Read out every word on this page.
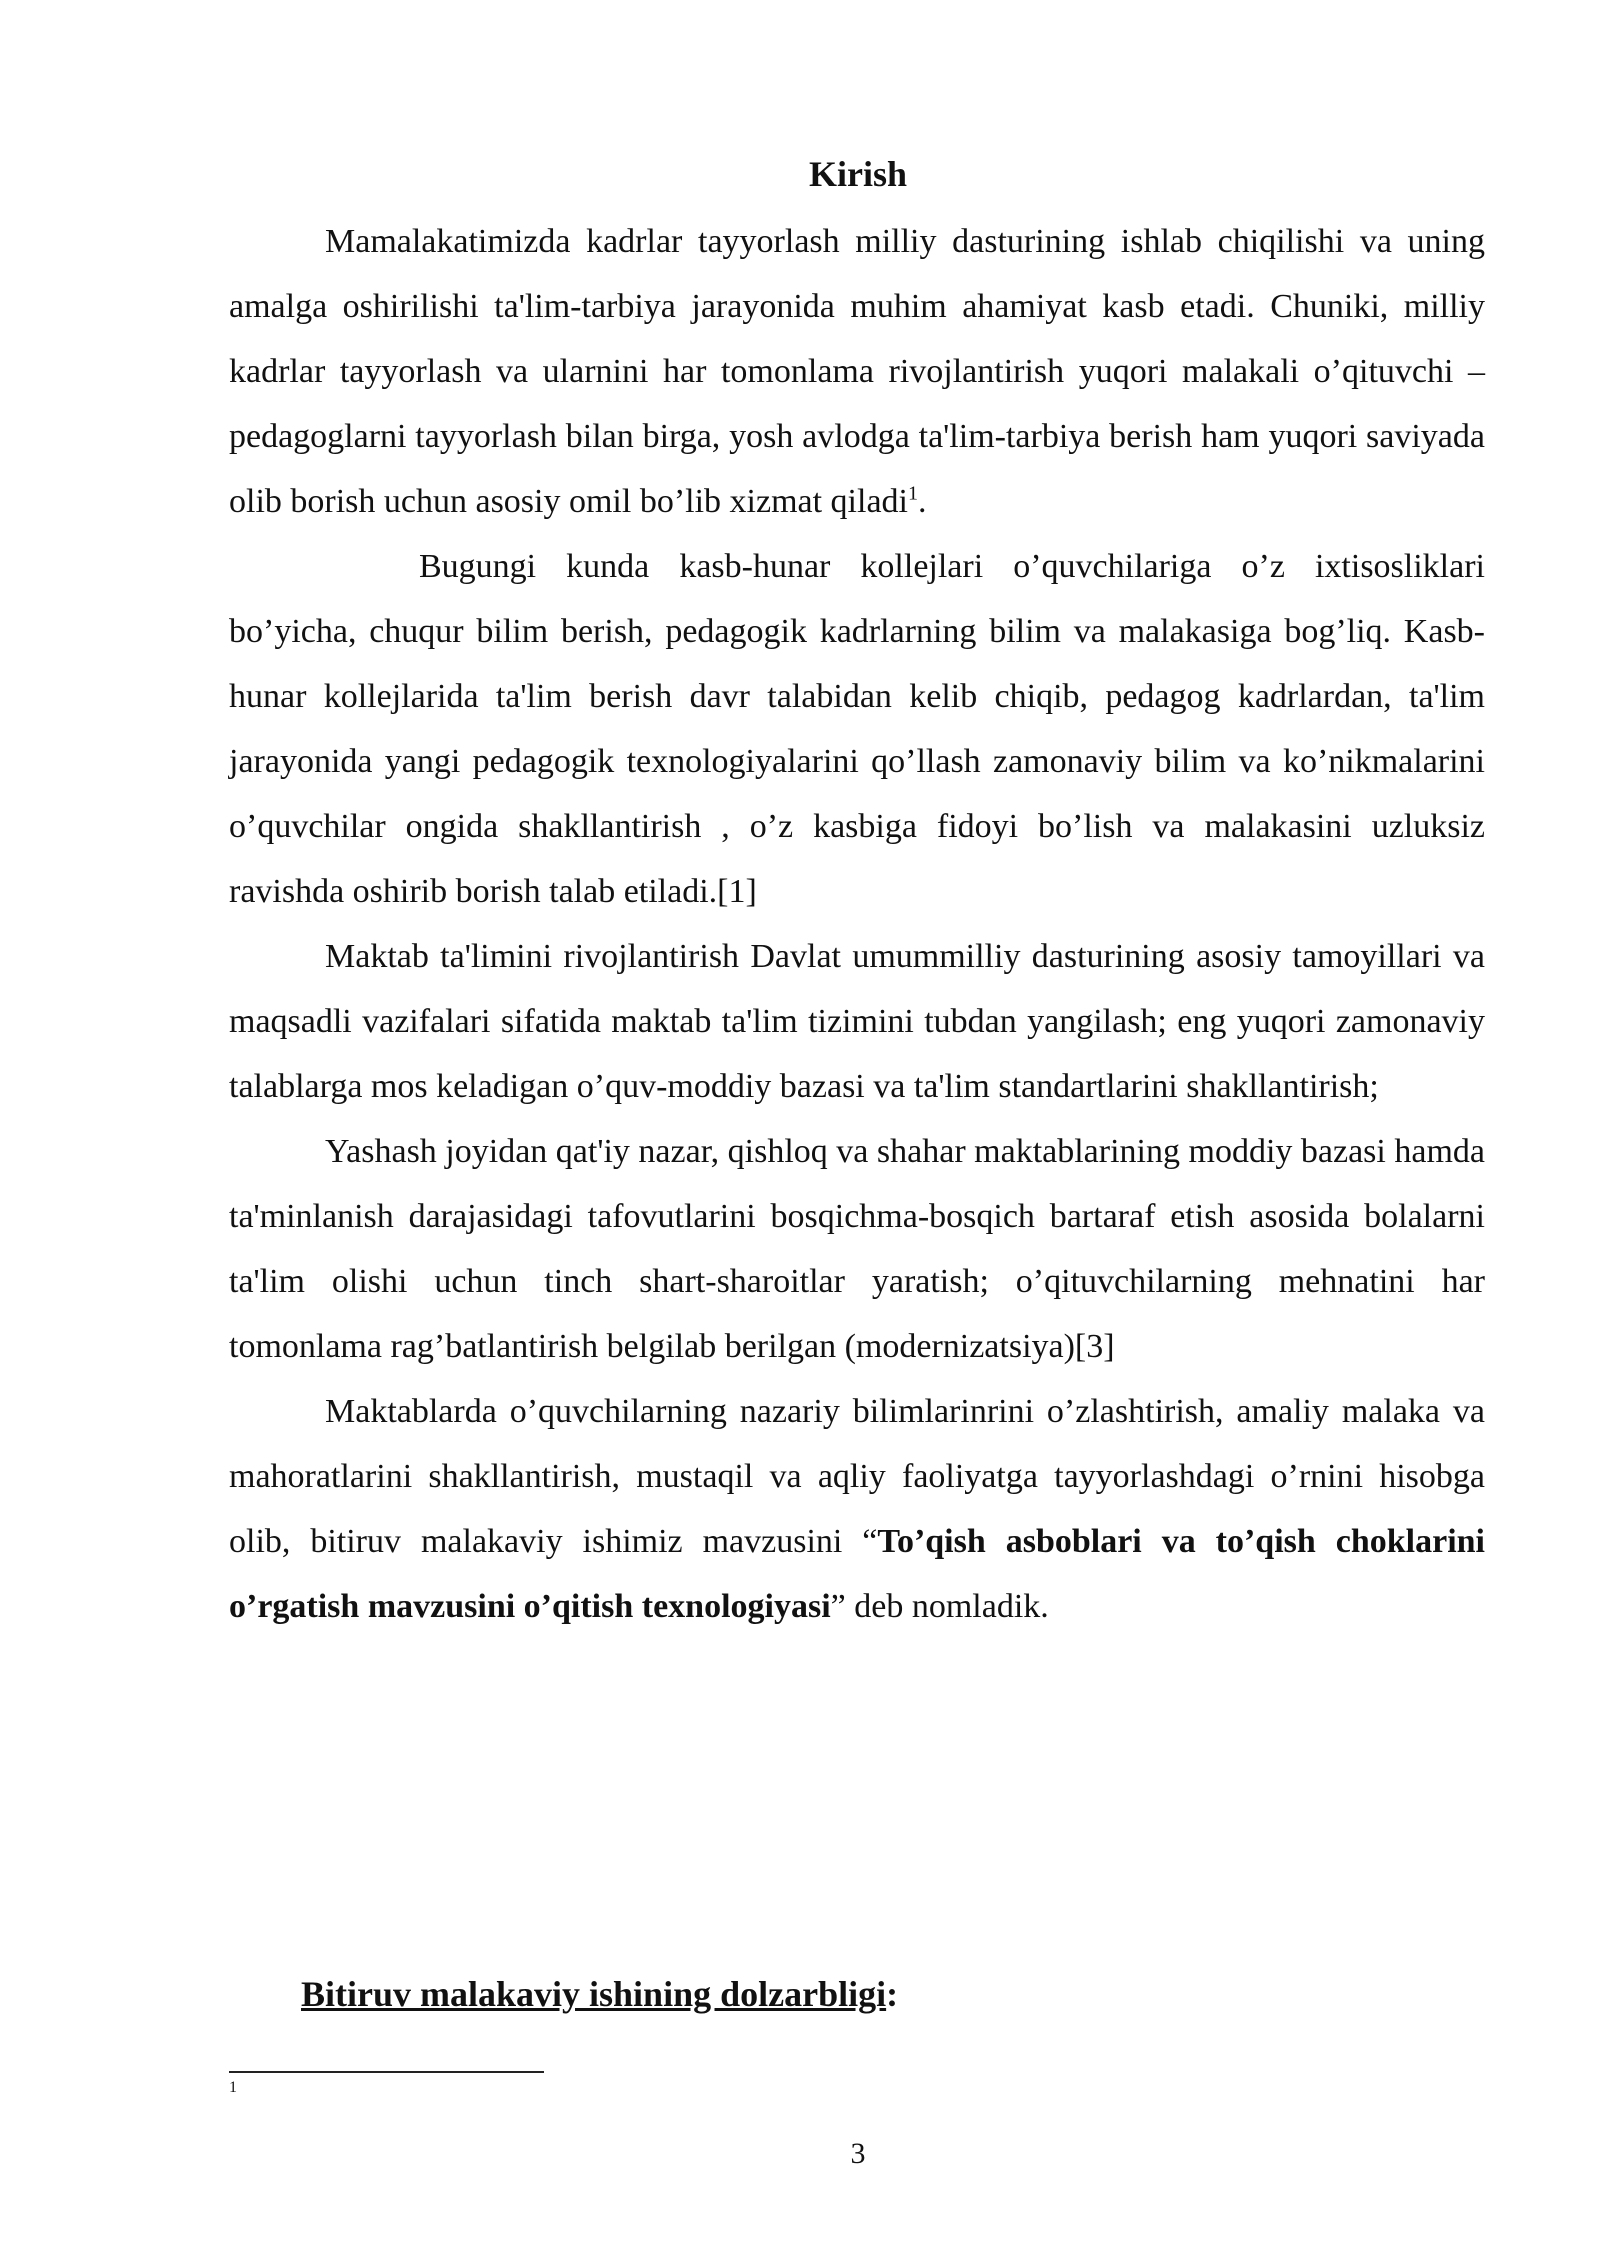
Kirish

Mamalakatimizda kadrlar tayyorlash milliy dasturining ishlab chiqilishi va uning amalga oshirilishi ta'lim-tarbiya jarayonida muhim ahamiyat kasb etadi. Chuniki, milliy kadrlar tayyorlash va ularnini har tomonlama rivojlantirish yuqori malakali o’qituvchi –pedagoglarni tayyorlash bilan birga, yosh avlodga ta'lim-tarbiya berish ham yuqori saviyada olib borish uchun asosiy omil bo’lib xizmat qiladi$^1$.

Bugungi kunda kasb-hunar kollejlari o’quvchilariga o’z ixtisosliklari bo’yicha, chuqur bilim berish, pedagogik kadrlarning bilim va malakasiga bog’liq. Kasb-hunar kollejlarida ta'lim berish davr talabidan kelib chiqib, pedagog kadrlardan, ta'lim jarayonida yangi pedagogik texnologiyalarini qo’llash zamonaviy bilim va ko’nikmalarini o’quvchilar ongida shakllantirish , o’z kasbiga fidoyi bo’lish va malakasini uzluksiz ravishda oshirib borish talab etiladi.[1]

Maktab ta'limini rivojlantirish Davlat umummilliy dasturining asosiy tamoyillari va maqsadli vazifalari sifatida maktab ta'lim tizimini tubdan yangilash; eng yuqori zamonaviy talablarga mos keladigan o’quv-moddiy bazasi va ta'lim standartlarini shakllantirish;

Yashash joyidan qat'iy nazar, qishloq va shahar maktablarining moddiy bazasi hamda ta'minlanish darajasidagi tafovutlarini bosqichma-bosqich bartaraf etish asosida bolalarni ta'lim olishi uchun tinch shart-sharoitlar yaratish; o’qituvchilarning mehnatini har tomonlama rag’batlantirish belgilab berilgan (modernizatsiya)[3]

Maktablarda o’quvchilarning nazariy bilimlarinrini o’zlashtirish, amaliy malaka va mahoratlarini shakllantirish, mustaqil va aqliy faoliyatga tayyorlashdagi o’rnini hisobga olib, bitiruv malakaviy ishimiz mavzusini “To’qish asboblari va to’qish choklarini o’rgatish mavzusini o’qitish texnologiyasi” deb nomladik.

Bitiruv malakaviy ishining dolzarbligi:
1
3
